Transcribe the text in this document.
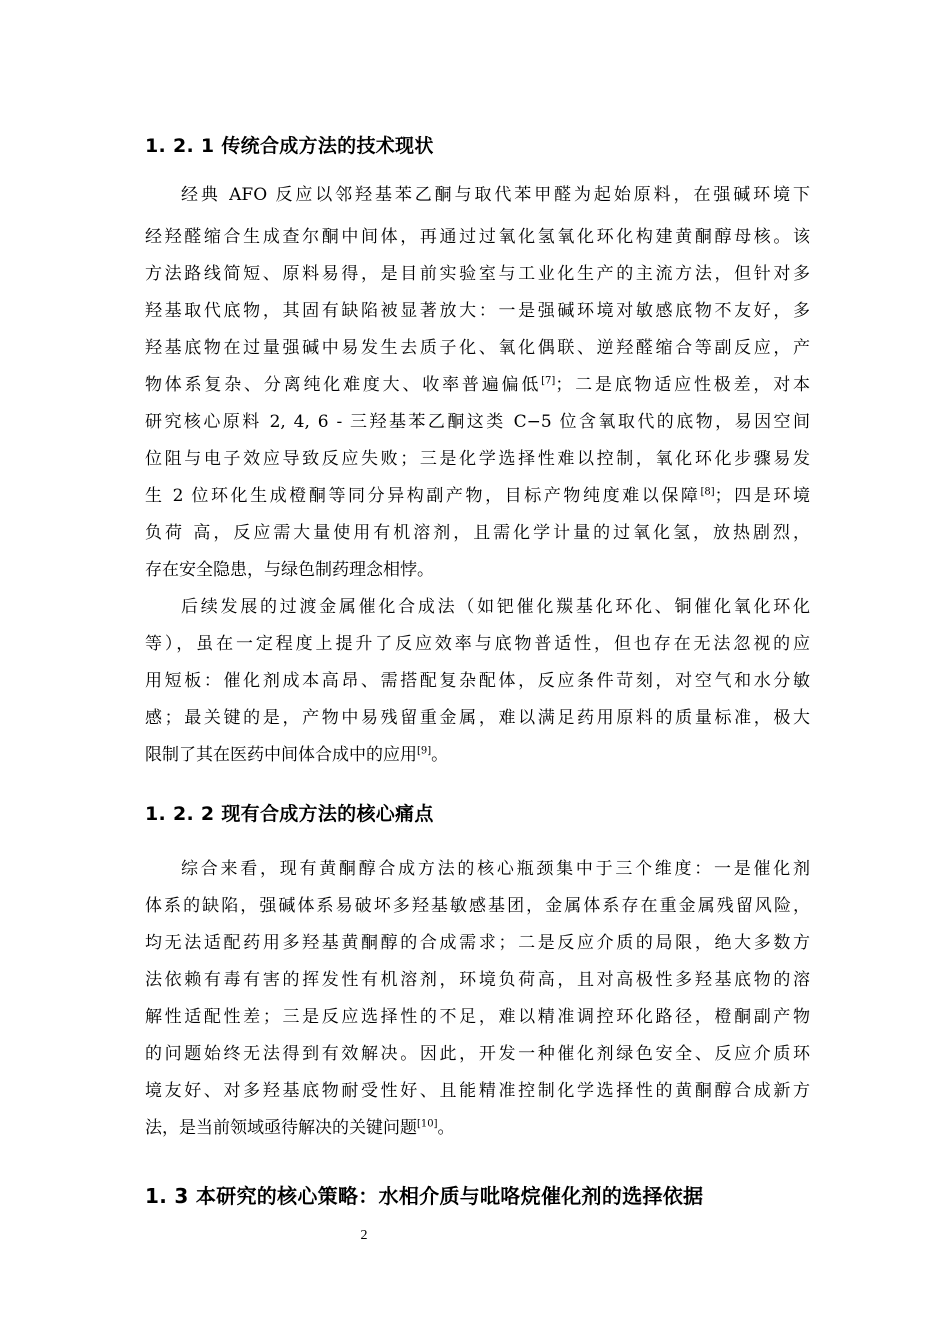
1. 2. 1 传统合成方法的技术现状
经典 AFO 反应以邻羟基苯乙酮与取代苯甲醛为起始原料，在强碱环境下
经羟醛缩合生成查尔酮中间体，再通过过氧化氢氧化环化构建黄酮醇母核。该
方法路线简短、原料易得，是目前实验室与工业化生产的主流方法，但针对多
羟基取代底物，其固有缺陷被显著放大：一是强碱环境对敏感底物不友好，多
羟基底物在过量强碱中易发生去质子化、氧化偶联、逆羟醛缩合等副反应，产
物体系复杂、分离纯化难度大、收率普遍偏低[7]；二是底物适应性极差，对本
研究核心原料 2, 4, 6 - 三羟基苯乙酮这类 C−5 位含氧取代的底物，易因空间
位阻与电子效应导致反应失败；三是化学选择性难以控制，氧化环化步骤易发
生 2 位环化生成橙酮等同分异构副产物，目标产物纯度难以保障[8]；四是环境
负荷 高，反应需大量使用有机溶剂，且需化学计量的过氧化氢，放热剧烈，
存在安全隐患，与绿色制药理念相悖。
后续发展的过渡金属催化合成法（如钯催化羰基化环化、铜催化氧化环化
等），虽在一定程度上提升了反应效率与底物普适性，但也存在无法忽视的应
用短板：催化剂成本高昂、需搭配复杂配体，反应条件苛刻，对空气和水分敏
感；最关键的是，产物中易残留重金属，难以满足药用原料的质量标准，极大
限制了其在医药中间体合成中的应用[9]。
1. 2. 2 现有合成方法的核心痛点
综合来看，现有黄酮醇合成方法的核心瓶颈集中于三个维度：一是催化剂
体系的缺陷，强碱体系易破坏多羟基敏感基团，金属体系存在重金属残留风险，
均无法适配药用多羟基黄酮醇的合成需求；二是反应介质的局限，绝大多数方
法依赖有毒有害的挥发性有机溶剂，环境负荷高，且对高极性多羟基底物的溶
解性适配性差；三是反应选择性的不足，难以精准调控环化路径，橙酮副产物
的问题始终无法得到有效解决。因此，开发一种催化剂绿色安全、反应介质环
境友好、对多羟基底物耐受性好、且能精准控制化学选择性的黄酮醇合成新方
法，是当前领域亟待解决的关键问题[10]。
1. 3 本研究的核心策略：水相介质与吡咯烷催化剂的选择依据
2
